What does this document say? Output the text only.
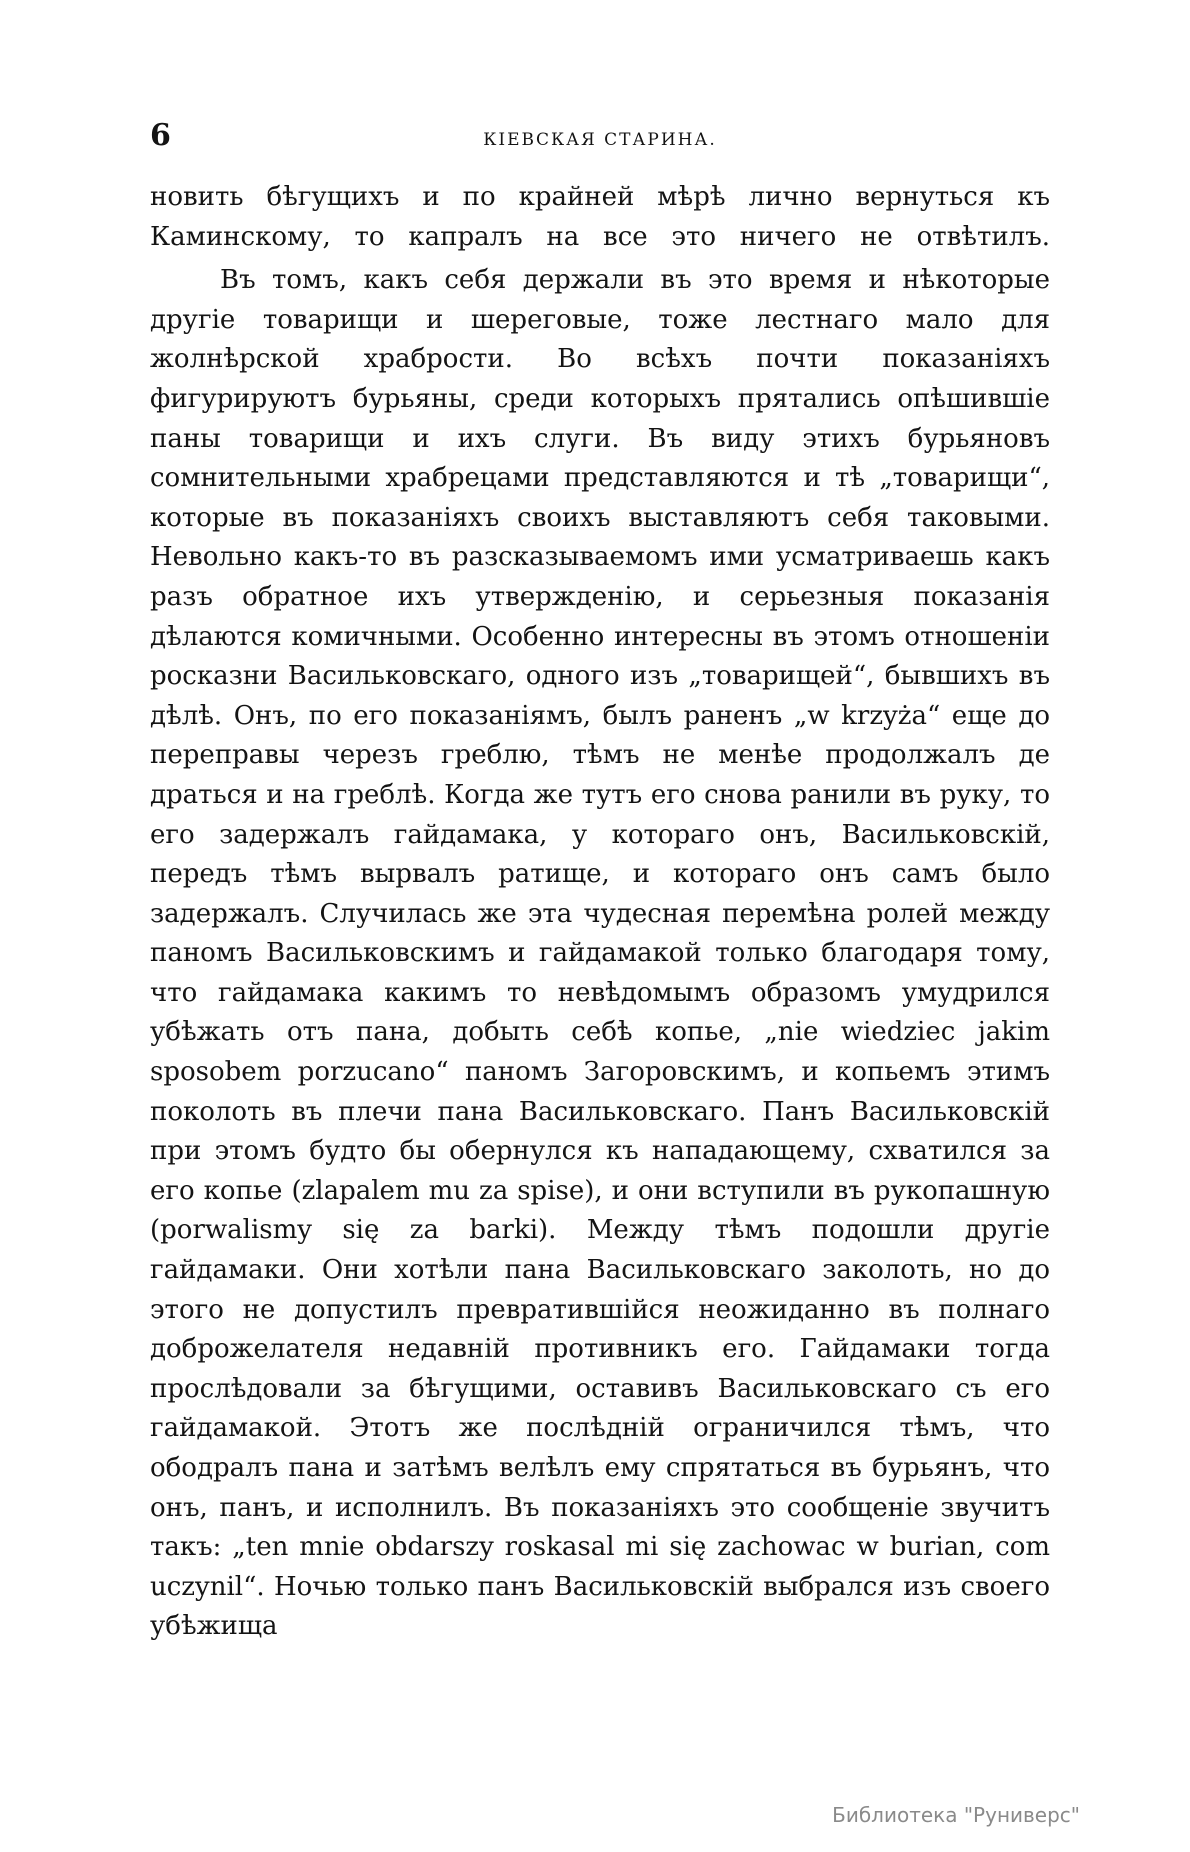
6	КІЕВСКАЯ СТАРИНА.

новить бѣгущихъ и по крайней мѣрѣ лично вернуться къ Каминскому, то капралъ на все это ничего не отвѣтилъ.

Въ томъ, какъ себя держали въ это время и нѣкоторые другіе товарищи и шереговые, тоже лестнаго мало для жолнѣрской храбрости. Во всѣхъ почти показаніяхъ фигурируютъ бурьяны, среди которыхъ прятались опѣшившіе паны товарищи и ихъ слуги. Въ виду этихъ бурьяновъ сомнительными храбрецами представляются и тѣ „товарищи“, которые въ показаніяхъ своихъ выставляютъ себя таковыми. Невольно какъ-то въ разсказываемомъ ими усматриваешь какъ разъ обратное ихъ утвержденію, и серьезныя показанія дѣлаются комичными. Особенно интересны въ этомъ отношеніи росказни Васильковскаго, одного изъ „товарищей“, бывшихъ въ дѣлѣ. Онъ, по его показаніямъ, былъ раненъ „w krzyża“ еще до переправы черезъ греблю, тѣмъ не менѣе продолжалъ де драться и на греблѣ. Когда же тутъ его снова ранили въ руку, то его задержалъ гайдамака, у котораго онъ, Васильковскій, передъ тѣмъ вырвалъ ратище, и котораго онъ самъ было задержалъ. Случилась же эта чудесная перемѣна ролей между паномъ Васильковскимъ и гайдамакой только благодаря тому, что гайдамака какимъ то невѣдомымъ образомъ умудрился убѣжать отъ пана, добыть себѣ копье, „nie wiedziec jakim sposobem porzucano“ паномъ Загоровскимъ, и копьемъ этимъ поколоть въ плечи пана Васильковскаго. Панъ Васильковскій при этомъ будто бы обернулся къ нападающему, схватился за его копье (zlapalem mu za spise), и они вступили въ рукопашную (porwalismy się za barki). Между тѣмъ подошли другіе гайдамаки. Они хотѣли пана Васильковскаго заколоть, но до этого не допустилъ превратившійся неожиданно въ полнаго доброжелателя недавній противникъ его. Гайдамаки тогда прослѣдовали за бѣгущими, оставивъ Васильковскаго съ его гайдамакой. Этотъ же послѣдній ограничился тѣмъ, что ободралъ пана и затѣмъ велѣлъ ему спрятаться въ бурьянъ, что онъ, панъ, и исполнилъ. Въ показаніяхъ это сообщеніе звучитъ такъ: „ten mnie obdarszy roskasal mi się zachowac w burian, com uczynil“. Ночью только панъ Васильковскій выбрался изъ своего убѣжища

Библиотека "Руниверс"
